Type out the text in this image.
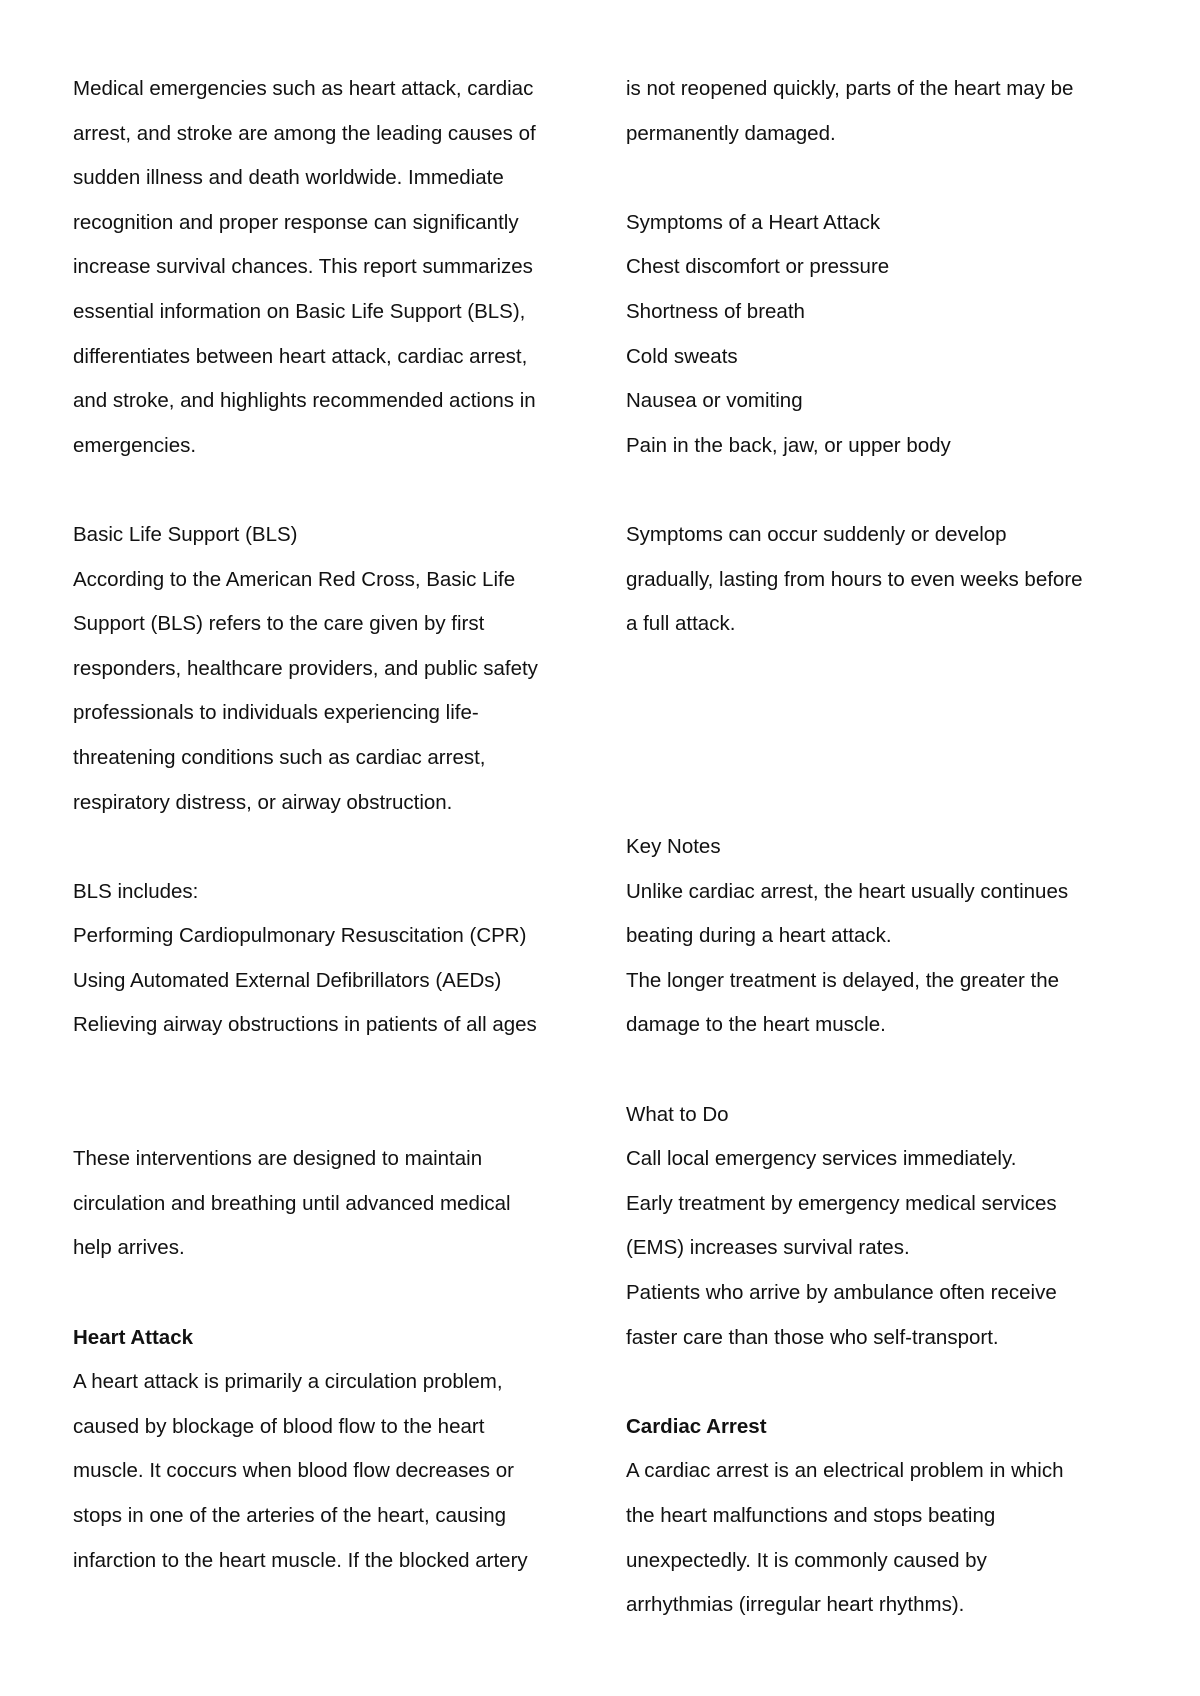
Medical emergencies such as heart attack, cardiac
arrest, and stroke are among the leading causes of
sudden illness and death worldwide. Immediate
recognition and proper response can significantly
increase survival chances. This report summarizes
essential information on Basic Life Support (BLS),
differentiates between heart attack, cardiac arrest,
and stroke, and highlights recommended actions in
emergencies.
Basic Life Support (BLS)
According to the American Red Cross, Basic Life
Support (BLS) refers to the care given by first
responders, healthcare providers, and public safety
professionals to individuals experiencing life-
threatening conditions such as cardiac arrest,
respiratory distress, or airway obstruction.
BLS includes:
Performing Cardiopulmonary Resuscitation (CPR)
Using Automated External Defibrillators (AEDs)
Relieving airway obstructions in patients of all ages
These interventions are designed to maintain
circulation and breathing until advanced medical
help arrives.
Heart Attack
A heart attack is primarily a circulation problem,
caused by blockage of blood flow to the heart
muscle. It coccurs when blood flow decreases or
stops in one of the arteries of the heart, causing
infarction to the heart muscle. If the blocked artery
is not reopened quickly, parts of the heart may be
permanently damaged.
Symptoms of a Heart Attack
Chest discomfort or pressure
Shortness of breath
Cold sweats
Nausea or vomiting
Pain in the back, jaw, or upper body
Symptoms can occur suddenly or develop
gradually, lasting from hours to even weeks before
a full attack.
Key Notes
Unlike cardiac arrest, the heart usually continues
beating during a heart attack.
The longer treatment is delayed, the greater the
damage to the heart muscle.
What to Do
Call local emergency services immediately.
Early treatment by emergency medical services
(EMS) increases survival rates.
Patients who arrive by ambulance often receive
faster care than those who self-transport.
Cardiac Arrest
A cardiac arrest is an electrical problem in which
the heart malfunctions and stops beating
unexpectedly. It is commonly caused by
arrhythmias (irregular heart rhythms).
